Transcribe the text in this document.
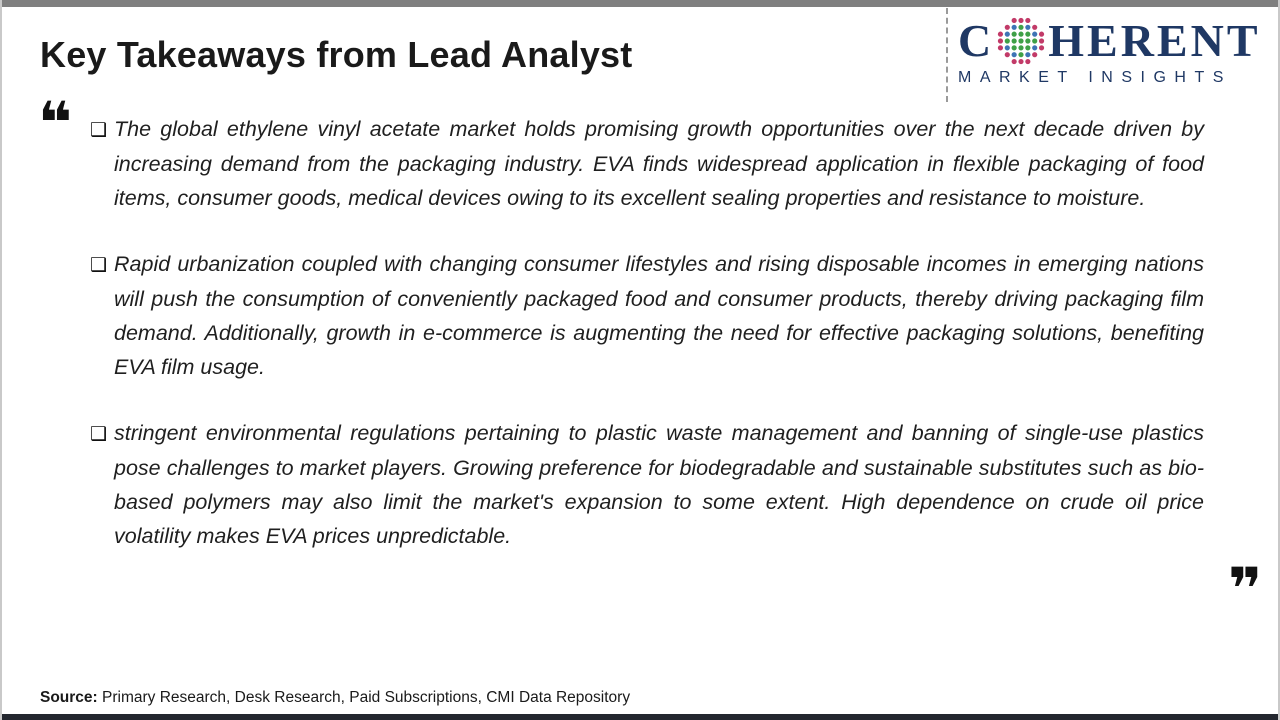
Key Takeaways from Lead Analyst	C HERENT
MARKET INSIGHTS
❝ ❑ The global ethylene vinyl acetate market holds promising growth opportunities over the next decade driven by increasing demand from the packaging industry. EVA finds widespread application in flexible packaging of food items, consumer goods, medical devices owing to its excellent sealing properties and resistance to moisture.

❑ Rapid urbanization coupled with changing consumer lifestyles and rising disposable incomes in emerging nations will push the consumption of conveniently packaged food and consumer products, thereby driving packaging film demand. Additionally, growth in e-commerce is augmenting the need for effective packaging solutions, benefiting EVA film usage.

❑ stringent environmental regulations pertaining to plastic waste management and banning of single-use plastics pose challenges to market players. Growing preference for biodegradable and sustainable substitutes such as bio-based polymers may also limit the market's expansion to some extent. High dependence on crude oil price volatility makes EVA prices unpredictable.

❞

Source: Primary Research, Desk Research, Paid Subscriptions, CMI Data Repository
